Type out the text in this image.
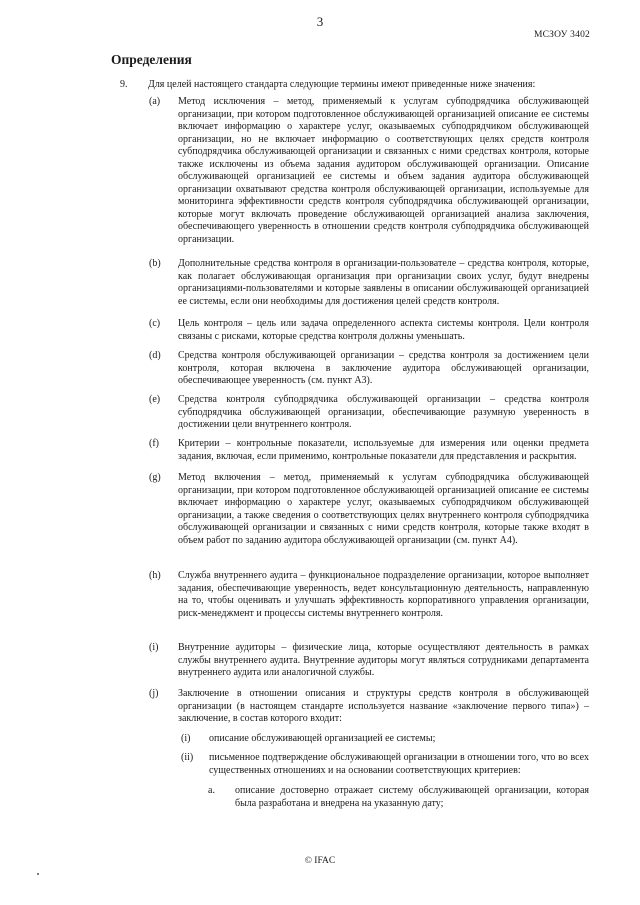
3
МСЗОУ 3402
Определения
9. Для целей настоящего стандарта следующие термины имеют приведенные ниже значения:
(a) Метод исключения – метод, применяемый к услугам субподрядчика обслуживающей организации, при котором подготовленное обслуживающей организацией описание ее системы включает информацию о характере услуг, оказываемых субподрядчиком обслуживающей организации, но не включает информацию о соответствующих целях средств контроля субподрядчика обслуживающей организации и связанных с ними средствах контроля, которые также исключены из объема задания аудитором обслуживающей организации. Описание обслуживающей организацией ее системы и объем задания аудитора обслуживающей организации охватывают средства контроля обслуживающей организации, используемые для мониторинга эффективности средств контроля субподрядчика обслуживающей организации, которые могут включать проведение обслуживающей организацией анализа заключения, обеспечивающего уверенность в отношении средств контроля субподрядчика обслуживающей организации.
(b) Дополнительные средства контроля в организации-пользователе – средства контроля, которые, как полагает обслуживающая организация при организации своих услуг, будут внедрены организациями-пользователями и которые заявлены в описании обслуживающей организацией ее системы, если они необходимы для достижения целей средств контроля.
(c) Цель контроля – цель или задача определенного аспекта системы контроля. Цели контроля связаны с рисками, которые средства контроля должны уменьшать.
(d) Средства контроля обслуживающей организации – средства контроля за достижением цели контроля, которая включена в заключение аудитора обслуживающей организации, обеспечивающее уверенность (см. пункт А3).
(e) Средства контроля субподрядчика обслуживающей организации – средства контроля субподрядчика обслуживающей организации, обеспечивающие разумную уверенность в достижении цели внутреннего контроля.
(f) Критерии – контрольные показатели, используемые для измерения или оценки предмета задания, включая, если применимо, контрольные показатели для представления и раскрытия.
(g) Метод включения – метод, применяемый к услугам субподрядчика обслуживающей организации, при котором подготовленное обслуживающей организацией описание ее системы включает информацию о характере услуг, оказываемых субподрядчиком обслуживающей организации, а также сведения о соответствующих целях внутреннего контроля субподрядчика обслуживающей организации и связанных с ними средств контроля, которые также входят в объем работ по заданию аудитора обслуживающей организации (см. пункт А4).
(h) Служба внутреннего аудита – функциональное подразделение организации, которое выполняет задания, обеспечивающие уверенность, ведет консультационную деятельность, направленную на то, чтобы оценивать и улучшать эффективность корпоративного управления организации, риск-менеджмент и процессы системы внутреннего контроля.
(i) Внутренние аудиторы – физические лица, которые осуществляют деятельность в рамках службы внутреннего аудита. Внутренние аудиторы могут являться сотрудниками департамента внутреннего аудита или аналогичной службы.
(j) Заключение в отношении описания и структуры средств контроля в обслуживающей организации (в настоящем стандарте используется название «заключение первого типа») – заключение, в состав которого входит:
(i) описание обслуживающей организацией ее системы;
(ii) письменное подтверждение обслуживающей организации в отношении того, что во всех существенных отношениях и на основании соответствующих критериев:
a. описание достоверно отражает систему обслуживающей организации, которая была разработана и внедрена на указанную дату;
© IFAC
